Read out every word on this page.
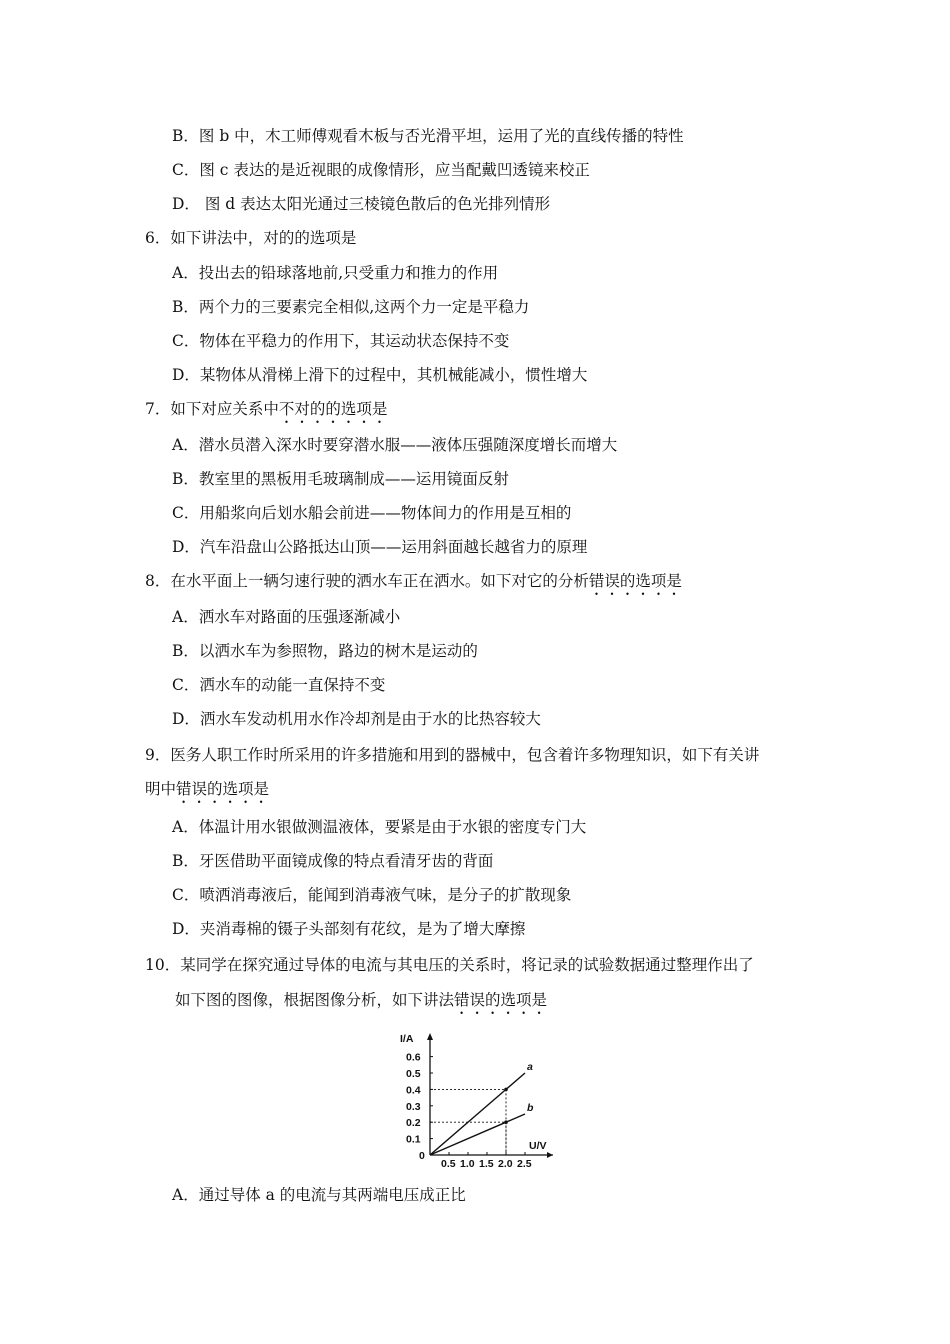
B．图 b 中，木工师傅观看木板与否光滑平坦，运用了光的直线传播的特性
C．图 c 表达的是近视眼的成像情形，应当配戴凹透镜来校正
D． 图 d 表达太阳光通过三棱镜色散后的色光排列情形
6．如下讲法中，对的的选项是
A．投出去的铅球落地前,只受重力和推力的作用
B．两个力的三要素完全相似,这两个力一定是平稳力
C．物体在平稳力的作用下，其运动状态保持不变
D．某物体从滑梯上滑下的过程中，其机械能减小，惯性增大
7．如下对应关系中不对的的选项是
A．潜水员潜入深水时要穿潜水服——液体压强随深度增长而增大
B．教室里的黑板用毛玻璃制成——运用镜面反射
C．用船浆向后划水船会前进——物体间力的作用是互相的
D．汽车沿盘山公路抵达山顶——运用斜面越长越省力的原理
8．在水平面上一辆匀速行驶的洒水车正在洒水。如下对它的分析错误的选项是
A．洒水车对路面的压强逐渐减小
B．以洒水车为参照物，路边的树木是运动的
C．洒水车的动能一直保持不变
D．洒水车发动机用水作冷却剂是由于水的比热容较大
9．医务人职工作时所采用的许多措施和用到的器械中，包含着许多物理知识，如下有关讲
明中错误的选项是
A．体温计用水银做测温液体，要紧是由于水银的密度专门大
B．牙医借助平面镜成像的特点看清牙齿的背面
C．喷洒消毒液后，能闻到消毒液气味，是分子的扩散现象
D．夹消毒棉的镊子头部刻有花纹，是为了增大摩擦
10．某同学在探究通过导体的电流与其电压的关系时，将记录的试验数据通过整理作出了
如下图的图像，根据图像分析，如下讲法错误的选项是
I/A
U/V
0
0.1
0.2
0.3
0.4
0.5
0.6
0.5 1.0 1.5 2.0 2.5
a
b
A．通过导体 a 的电流与其两端电压成正比
